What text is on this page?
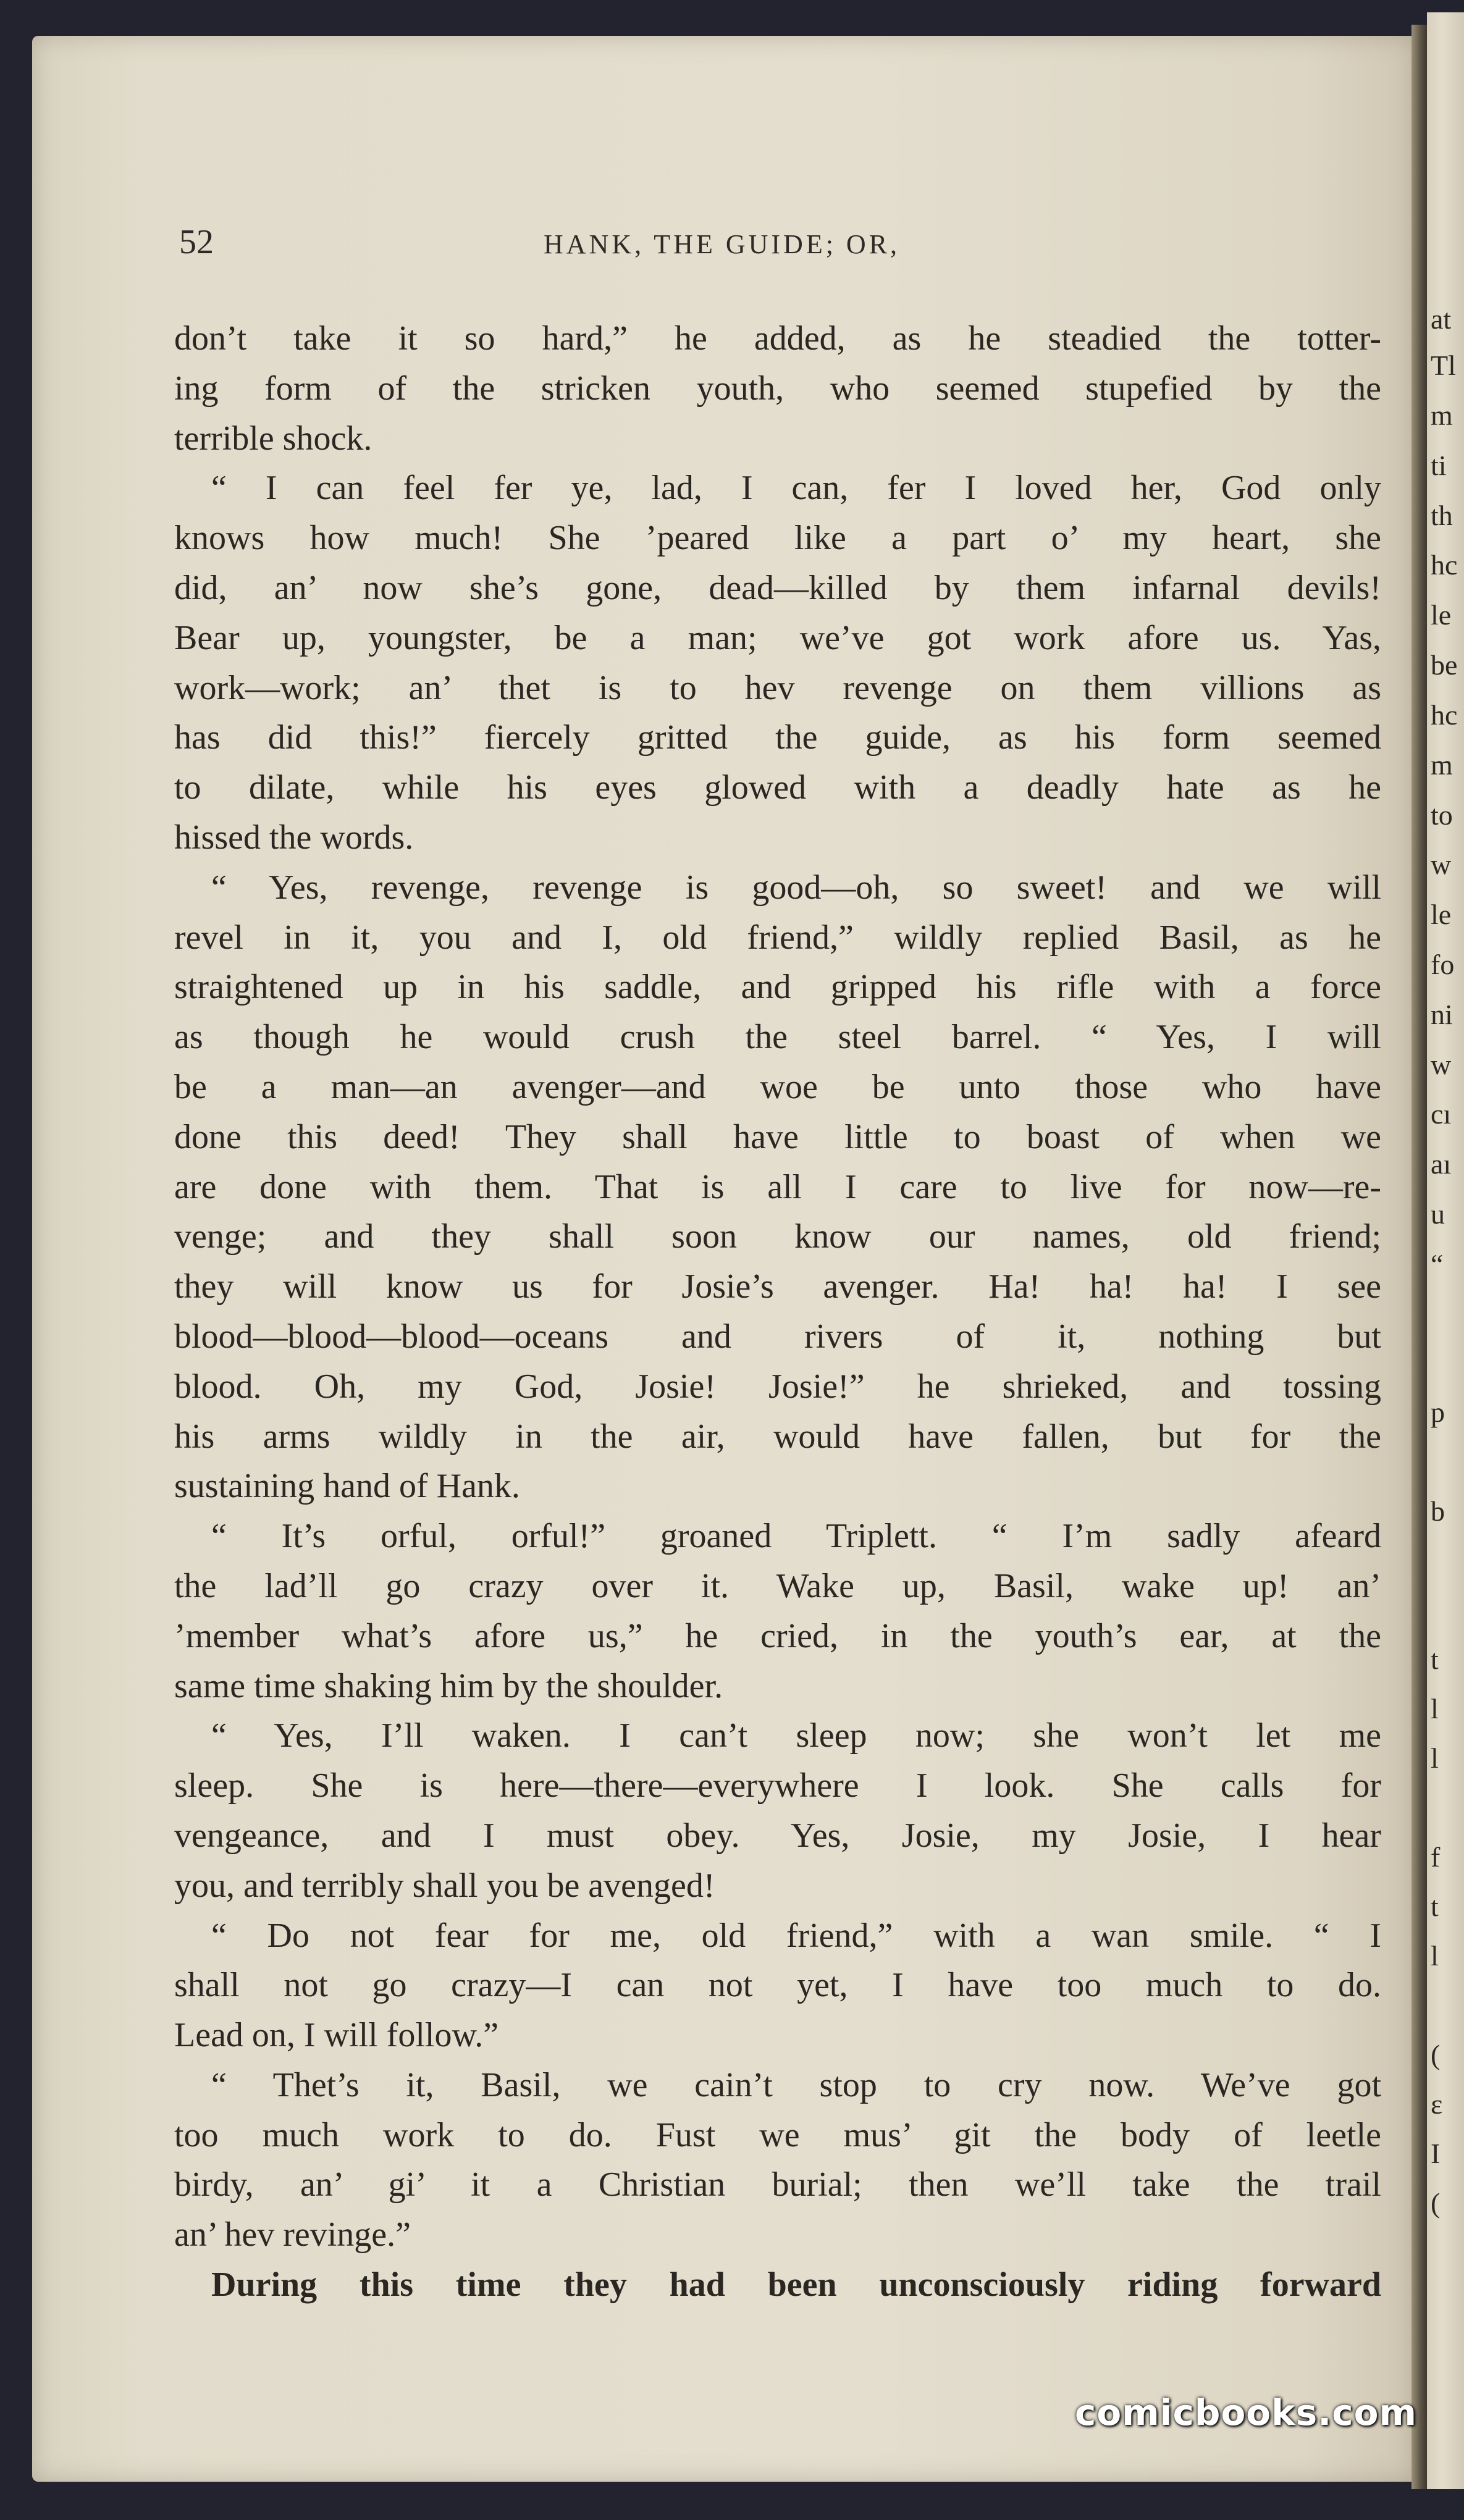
at
Tl
m
ti
th
hc
le
be
hc
m
to
w
le
fo
ni
w
cı
aı
u
“
p
b
t
l
l
f
t
l
(
ε
I
(
52	HANK, THE GUIDE; OR,
don’t take it so hard,” he added, as he steadied the totter-
ing form of the stricken youth, who seemed stupefied by the
terrible shock.
“ I can feel fer ye, lad, I can, fer I loved her, God only
knows how much! She ’peared like a part o’ my heart, she
did, an’ now she’s gone, dead—killed by them infarnal devils!
Bear up, youngster, be a man; we’ve got work afore us. Yas,
work—work; an’ thet is to hev revenge on them villions as
has did this!” fiercely gritted the guide, as his form seemed
to dilate, while his eyes glowed with a deadly hate as he
hissed the words.
“ Yes, revenge, revenge is good—oh, so sweet! and we will
revel in it, you and I, old friend,” wildly replied Basil, as he
straightened up in his saddle, and gripped his rifle with a force
as though he would crush the steel barrel. “ Yes, I will
be a man—an avenger—and woe be unto those who have
done this deed! They shall have little to boast of when we
are done with them. That is all I care to live for now—re-
venge; and they shall soon know our names, old friend;
they will know us for Josie’s avenger. Ha! ha! ha! I see
blood—blood—blood—oceans and rivers of it, nothing but
blood. Oh, my God, Josie! Josie!” he shrieked, and tossing
his arms wildly in the air, would have fallen, but for the
sustaining hand of Hank.
“ It’s orful, orful!” groaned Triplett. “ I’m sadly afeard
the lad’ll go crazy over it. Wake up, Basil, wake up! an’
’member what’s afore us,” he cried, in the youth’s ear, at the
same time shaking him by the shoulder.
“ Yes, I’ll waken. I can’t sleep now; she won’t let me
sleep. She is here—there—everywhere I look. She calls for
vengeance, and I must obey. Yes, Josie, my Josie, I hear
you, and terribly shall you be avenged!
“ Do not fear for me, old friend,” with a wan smile. “ I
shall not go crazy—I can not yet, I have too much to do.
Lead on, I will follow.”
“ Thet’s it, Basil, we cain’t stop to cry now. We’ve got
too much work to do. Fust we mus’ git the body of leetle
birdy, an’ gi’ it a Christian burial; then we’ll take the trail
an’ hev revinge.”
During this time they had been unconsciously riding forward
comicbooks.com
